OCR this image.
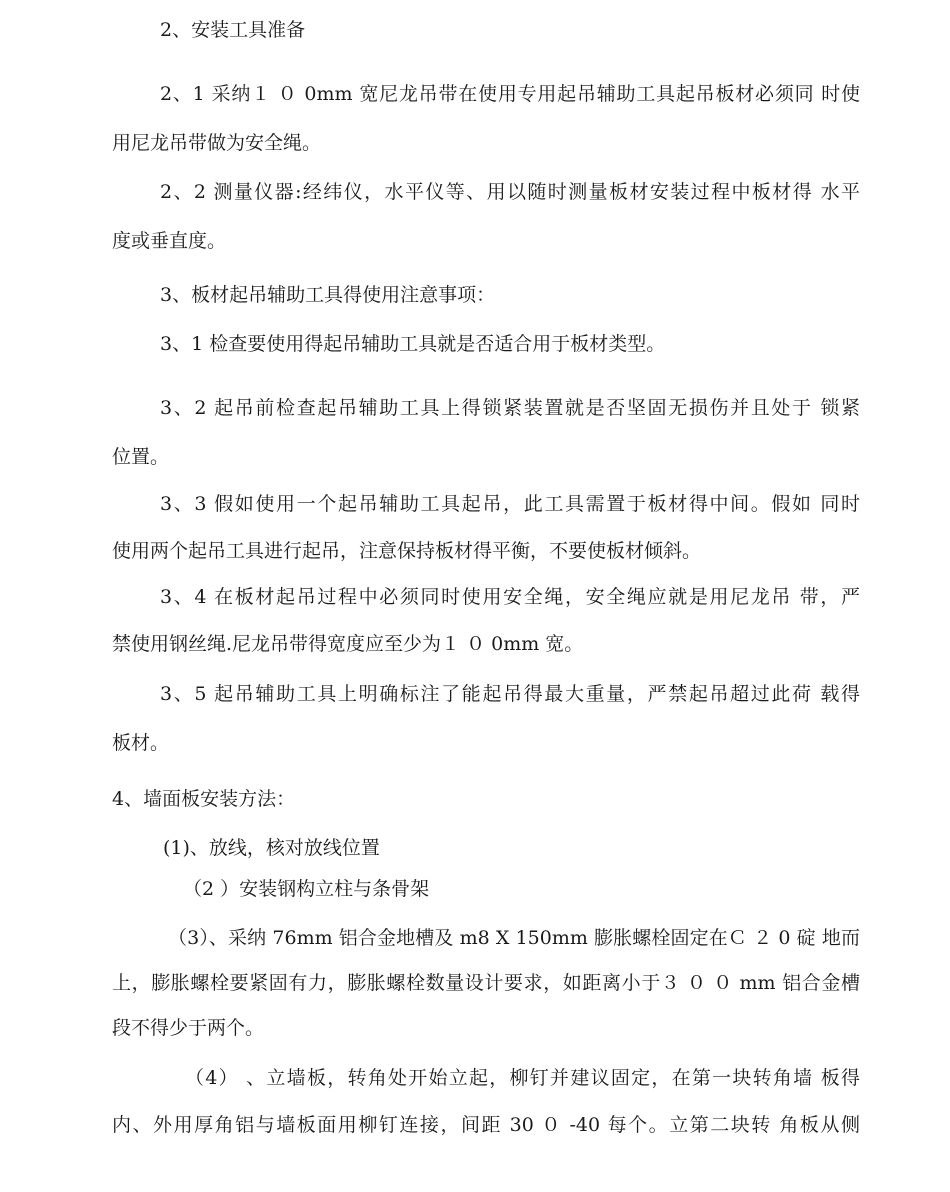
2、安装工具准备
2、1 采纳１ ０ 0mm 宽尼龙吊带在使用专用起吊辅助工具起吊板材必须同 时使
用尼龙吊带做为安全绳。
2、2 测量仪器:经纬仪，水平仪等、用以随时测量板材安装过程中板材得 水平
度或垂直度。
3、板材起吊辅助工具得使用注意事项：
3、1 检查要使用得起吊辅助工具就是否适合用于板材类型。
3、2 起吊前检查起吊辅助工具上得锁紧装置就是否坚固无损伤并且处于 锁紧
位置。
3、3 假如使用一个起吊辅助工具起吊，此工具需置于板材得中间。假如 同时
使用两个起吊工具进行起吊，注意保持板材得平衡，不要使板材倾斜。
3、4 在板材起吊过程中必须同时使用安全绳，安全绳应就是用尼龙吊 带，严
禁使用钢丝绳.尼龙吊带得宽度应至少为１ ０ 0mm 宽。
3、5 起吊辅助工具上明确标注了能起吊得最大重量，严禁起吊超过此荷 载得
板材。
4、墙面板安装方法：
(1)、放线，核对放线位置
（2 ）安装钢构立柱与条骨架
（3）、采纳 76mm 铝合金地槽及 m8 X 150mm 膨胀螺栓固定在Ｃ ２ 0 碇 地而
上，膨胀螺栓要紧固有力，膨胀螺栓数量设计要求，如距离小于３ ０ ０ mm 铝合金槽
段不得少于两个。
（4） 、立墙板，转角处开始立起，柳钉并建议固定，在第一块转角墙 板得
内、外用厚角铝与墙板面用柳钉连接，间距 30 ０ -40 每个。立第二块转 角板从侧
